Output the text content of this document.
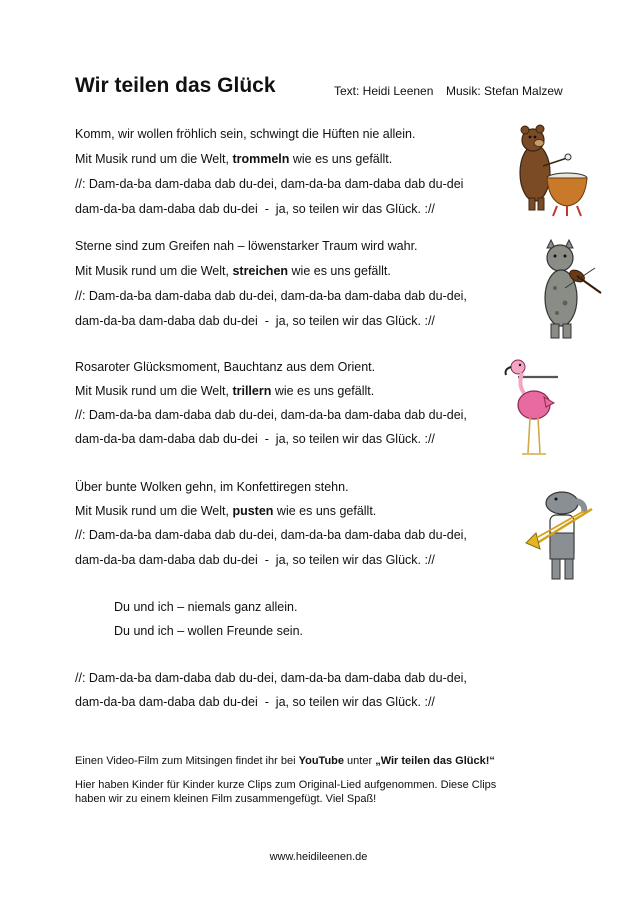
Wir teilen das Glück	Text: Heidi Leenen Musik: Stefan Malzew
Komm, wir wollen fröhlich sein, schwingt die Hüften nie allein.
Mit Musik rund um die Welt, trommeln wie es uns gefällt.
//: Dam-da-ba dam-daba dab du-dei, dam-da-ba dam-daba dab du-dei
dam-da-ba dam-daba dab du-dei  -  ja, so teilen wir das Glück. ://
Sterne sind zum Greifen nah – löwenstarker Traum wird wahr.
Mit Musik rund um die Welt, streichen wie es uns gefällt.
//: Dam-da-ba dam-daba dab du-dei, dam-da-ba dam-daba dab du-dei,
dam-da-ba dam-daba dab du-dei  -  ja, so teilen wir das Glück. ://
Rosaroter Glücksmoment, Bauchtanz aus dem Orient.
Mit Musik rund um die Welt, trillern wie es uns gefällt.
//: Dam-da-ba dam-daba dab du-dei, dam-da-ba dam-daba dab du-dei,
dam-da-ba dam-daba dab du-dei  -  ja, so teilen wir das Glück. ://
Über bunte Wolken gehn, im Konfettiregen stehn.
Mit Musik rund um die Welt, pusten wie es uns gefällt.
//: Dam-da-ba dam-daba dab du-dei, dam-da-ba dam-daba dab du-dei,
dam-da-ba dam-daba dab du-dei  -  ja, so teilen wir das Glück. ://
Du und ich – niemals ganz allein.
Du und ich – wollen Freunde sein.
//: Dam-da-ba dam-daba dab du-dei, dam-da-ba dam-daba dab du-dei,
dam-da-ba dam-daba dab du-dei  -  ja, so teilen wir das Glück. ://
Einen Video-Film zum Mitsingen findet ihr bei YouTube unter „Wir teilen das Glück!“
Hier haben Kinder für Kinder kurze Clips zum Original-Lied aufgenommen. Diese Clips
haben wir zu einem kleinen Film zusammengefügt. Viel Spaß!
www.heidileenen.de
